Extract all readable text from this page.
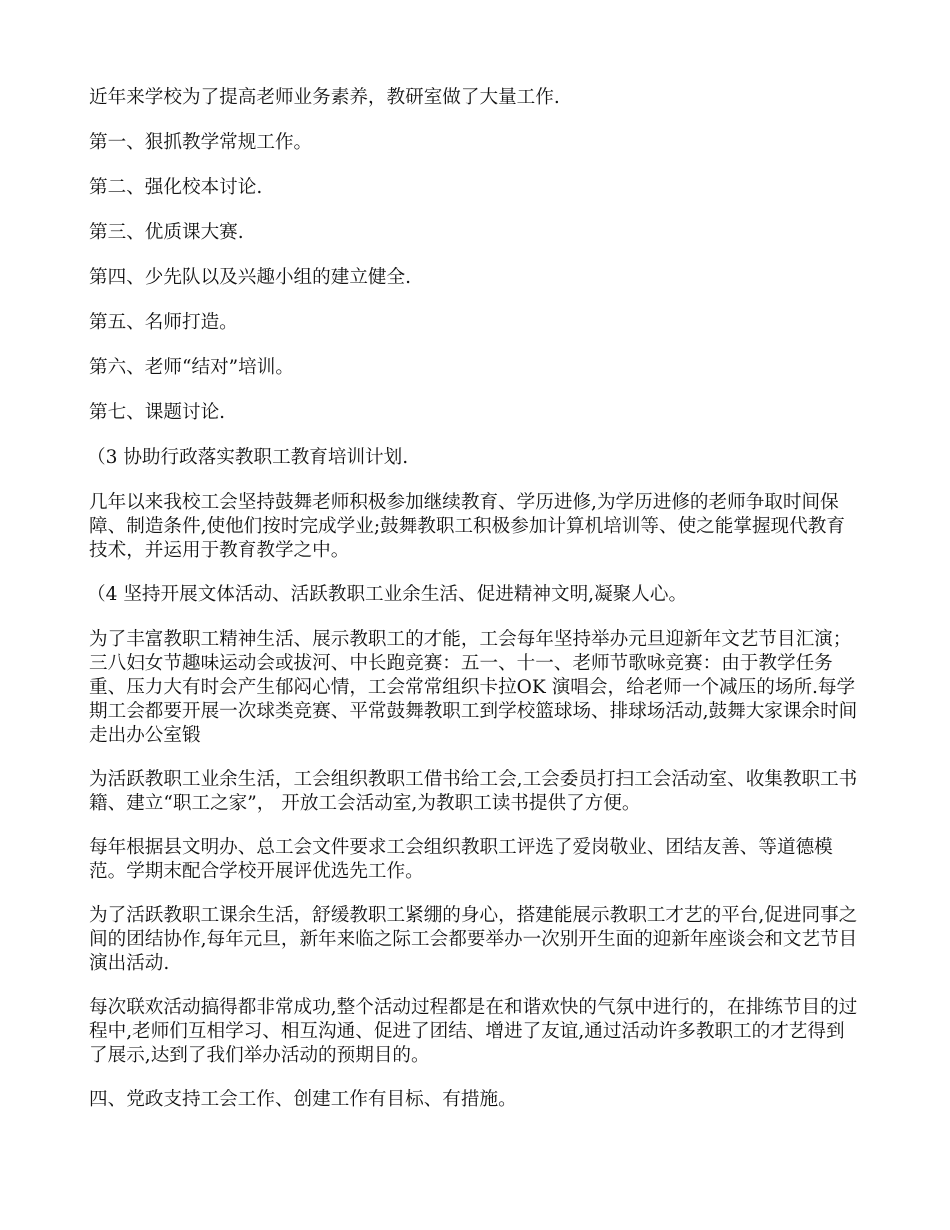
近年来学校为了提高老师业务素养，教研室做了大量工作.

第一、狠抓教学常规工作。

第二、强化校本讨论.

第三、优质课大赛.

第四、少先队以及兴趣小组的建立健全.

第五、名师打造。

第六、老师“结对”培训。

第七、课题讨论.

（3 协助行政落实教职工教育培训计划.

几年以来我校工会坚持鼓舞老师积极参加继续教育、学历进修,为学历进修的老师争取时间保障、制造条件,使他们按时完成学业;鼓舞教职工积极参加计算机培训等、使之能掌握现代教育技术，并运用于教育教学之中。

（4 坚持开展文体活动、活跃教职工业余生活、促进精神文明,凝聚人心。

为了丰富教职工精神生活、展示教职工的才能，工会每年坚持举办元旦迎新年文艺节目汇演；三八妇女节趣味运动会或拔河、中长跑竞赛：五一、十一、老师节歌咏竞赛：由于教学任务重、压力大有时会产生郁闷心情，工会常常组织卡拉OK 演唱会，给老师一个减压的场所.每学期工会都要开展一次球类竞赛、平常鼓舞教职工到学校篮球场、排球场活动,鼓舞大家课余时间走出办公室锻

为活跃教职工业余生活，工会组织教职工借书给工会,工会委员打扫工会活动室、收集教职工书籍、建立“职工之家”， 开放工会活动室,为教职工读书提供了方便。

每年根据县文明办、总工会文件要求工会组织教职工评选了爱岗敬业、团结友善、等道德模范。学期末配合学校开展评优选先工作。

为了活跃教职工课余生活，舒缓教职工紧绷的身心，搭建能展示教职工才艺的平台,促进同事之间的团结协作,每年元旦，新年来临之际工会都要举办一次别开生面的迎新年座谈会和文艺节目演出活动.

每次联欢活动搞得都非常成功,整个活动过程都是在和谐欢快的气氛中进行的，在排练节目的过程中,老师们互相学习、相互沟通、促进了团结、增进了友谊,通过活动许多教职工的才艺得到了展示,达到了我们举办活动的预期目的。

四、党政支持工会工作、创建工作有目标、有措施。
